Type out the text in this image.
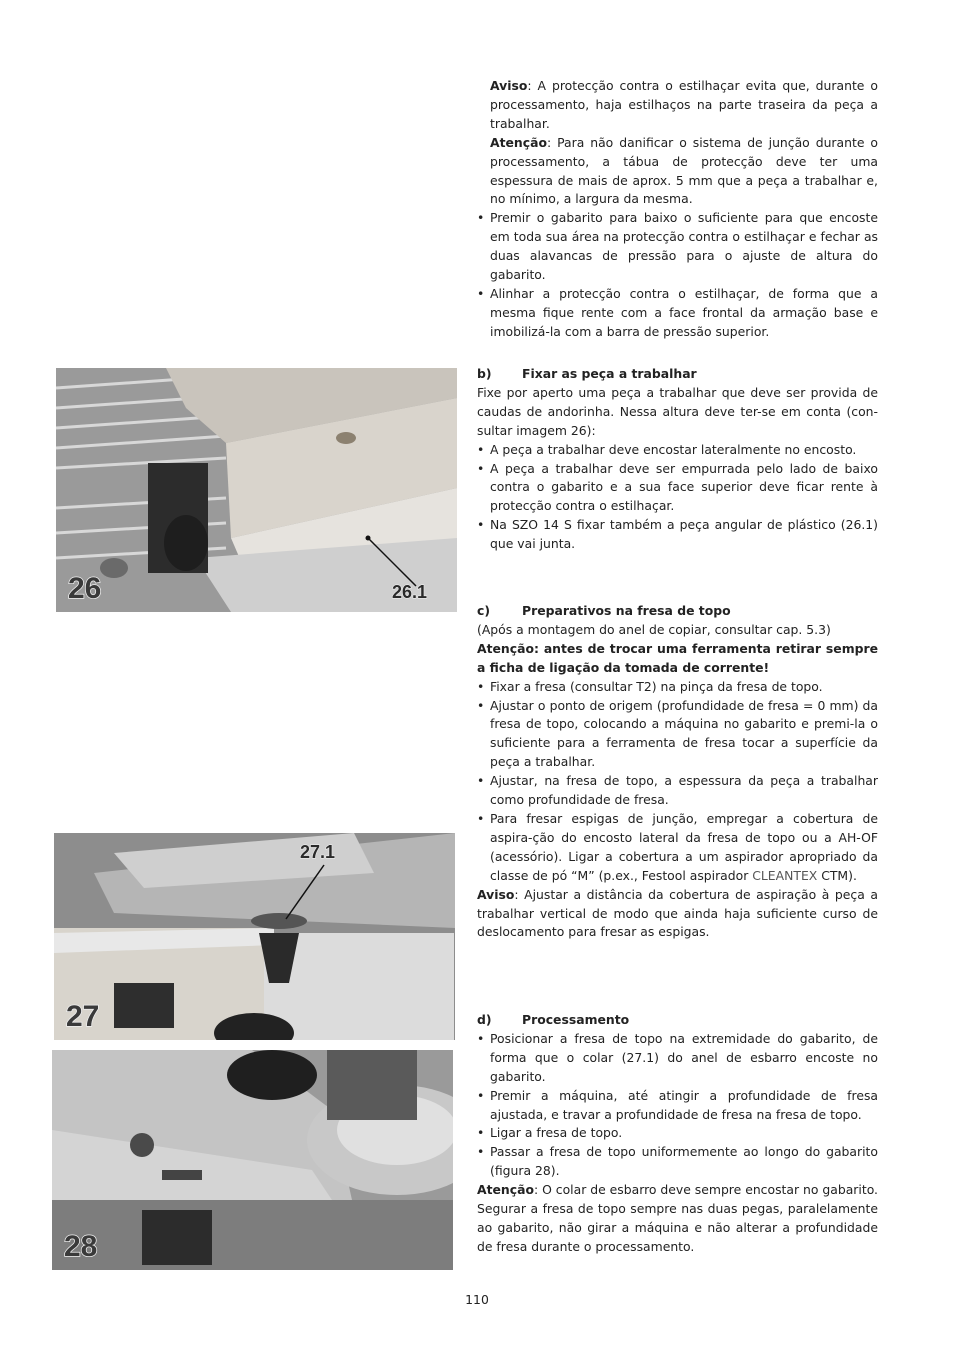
26	26.1
27
27.1
28

Aviso: A protecção contra o estilhaçar evita que, durante o processamento, haja estilhaços na parte traseira da peça a trabalhar.

Atenção: Para não danificar o sistema de junção durante o processamento, a tábua de protecção deve ter uma espessura de mais de aprox. 5 mm que a peça a trabalhar e, no mínimo, a largura da mesma.

• Premir o gabarito para baixo o suficiente para que encoste em toda sua área na protecção contra o estilhaçar e fechar as duas alavancas de pressão para o ajuste de altura do gabarito.

• Alinhar a protecção contra o estilhaçar, de forma que a mesma fique rente com a face frontal da armação base e imobilizá-la com a barra de pressão superior.

b) Fixar as peça a trabalhar

Fixe por aperto uma peça a trabalhar que deve ser provida de caudas de andorinha. Nessa altura deve ter-se em conta (con-sultar imagem 26):

• A peça a trabalhar deve encostar lateralmente no encosto.

• A peça a trabalhar deve ser empurrada pelo lado de baixo contra o gabarito e a sua face superior deve ficar rente à protecção contra o estilhaçar.

• Na SZO 14 S fixar também a peça angular de plástico (26.1) que vai junta.

c)	Preparativos na fresa de topo

(Após a montagem do anel de copiar, consultar cap. 5.3)

Atenção: antes de trocar uma ferramenta retirar sempre a ficha de ligação da tomada de corrente!

• Fixar a fresa (consultar T2) na pinça da fresa de topo.

• Ajustar o ponto de origem (profundidade de fresa = 0 mm) da fresa de topo, colocando a máquina no gabarito e premi-la o suficiente para a ferramenta de fresa tocar a superfície da peça a trabalhar.

• Ajustar, na fresa de topo, a espessura da peça a trabalhar como profundidade de fresa.

• Para fresar espigas de junção, empregar a cobertura de aspira-ção do encosto lateral da fresa de topo ou a AH-OF (acessório). Ligar a cobertura a um aspirador apropriado da classe de pó “M” (p.ex., Festool aspirador CLEANTEX CTM).

Aviso: Ajustar a distância da cobertura de aspiração à peça a trabalhar vertical de modo que ainda haja suficiente curso de deslocamento para fresar as espigas.

d) Processamento

• Posicionar a fresa de topo na extremidade do gabarito, de forma que o colar (27.1) do anel de esbarro encoste no gabarito.

• Premir a máquina, até atingir a profundidade de fresa ajustada, e travar a profundidade de fresa na fresa de topo.

• Ligar a fresa de topo.

• Passar a fresa de topo uniformemente ao longo do gabarito (figura 28).

Atenção: O colar de esbarro deve sempre encostar no gabarito. Segurar a fresa de topo sempre nas duas pegas, paralelamente ao gabarito, não girar a máquina e não alterar a profundidade de fresa durante o processamento.

110
